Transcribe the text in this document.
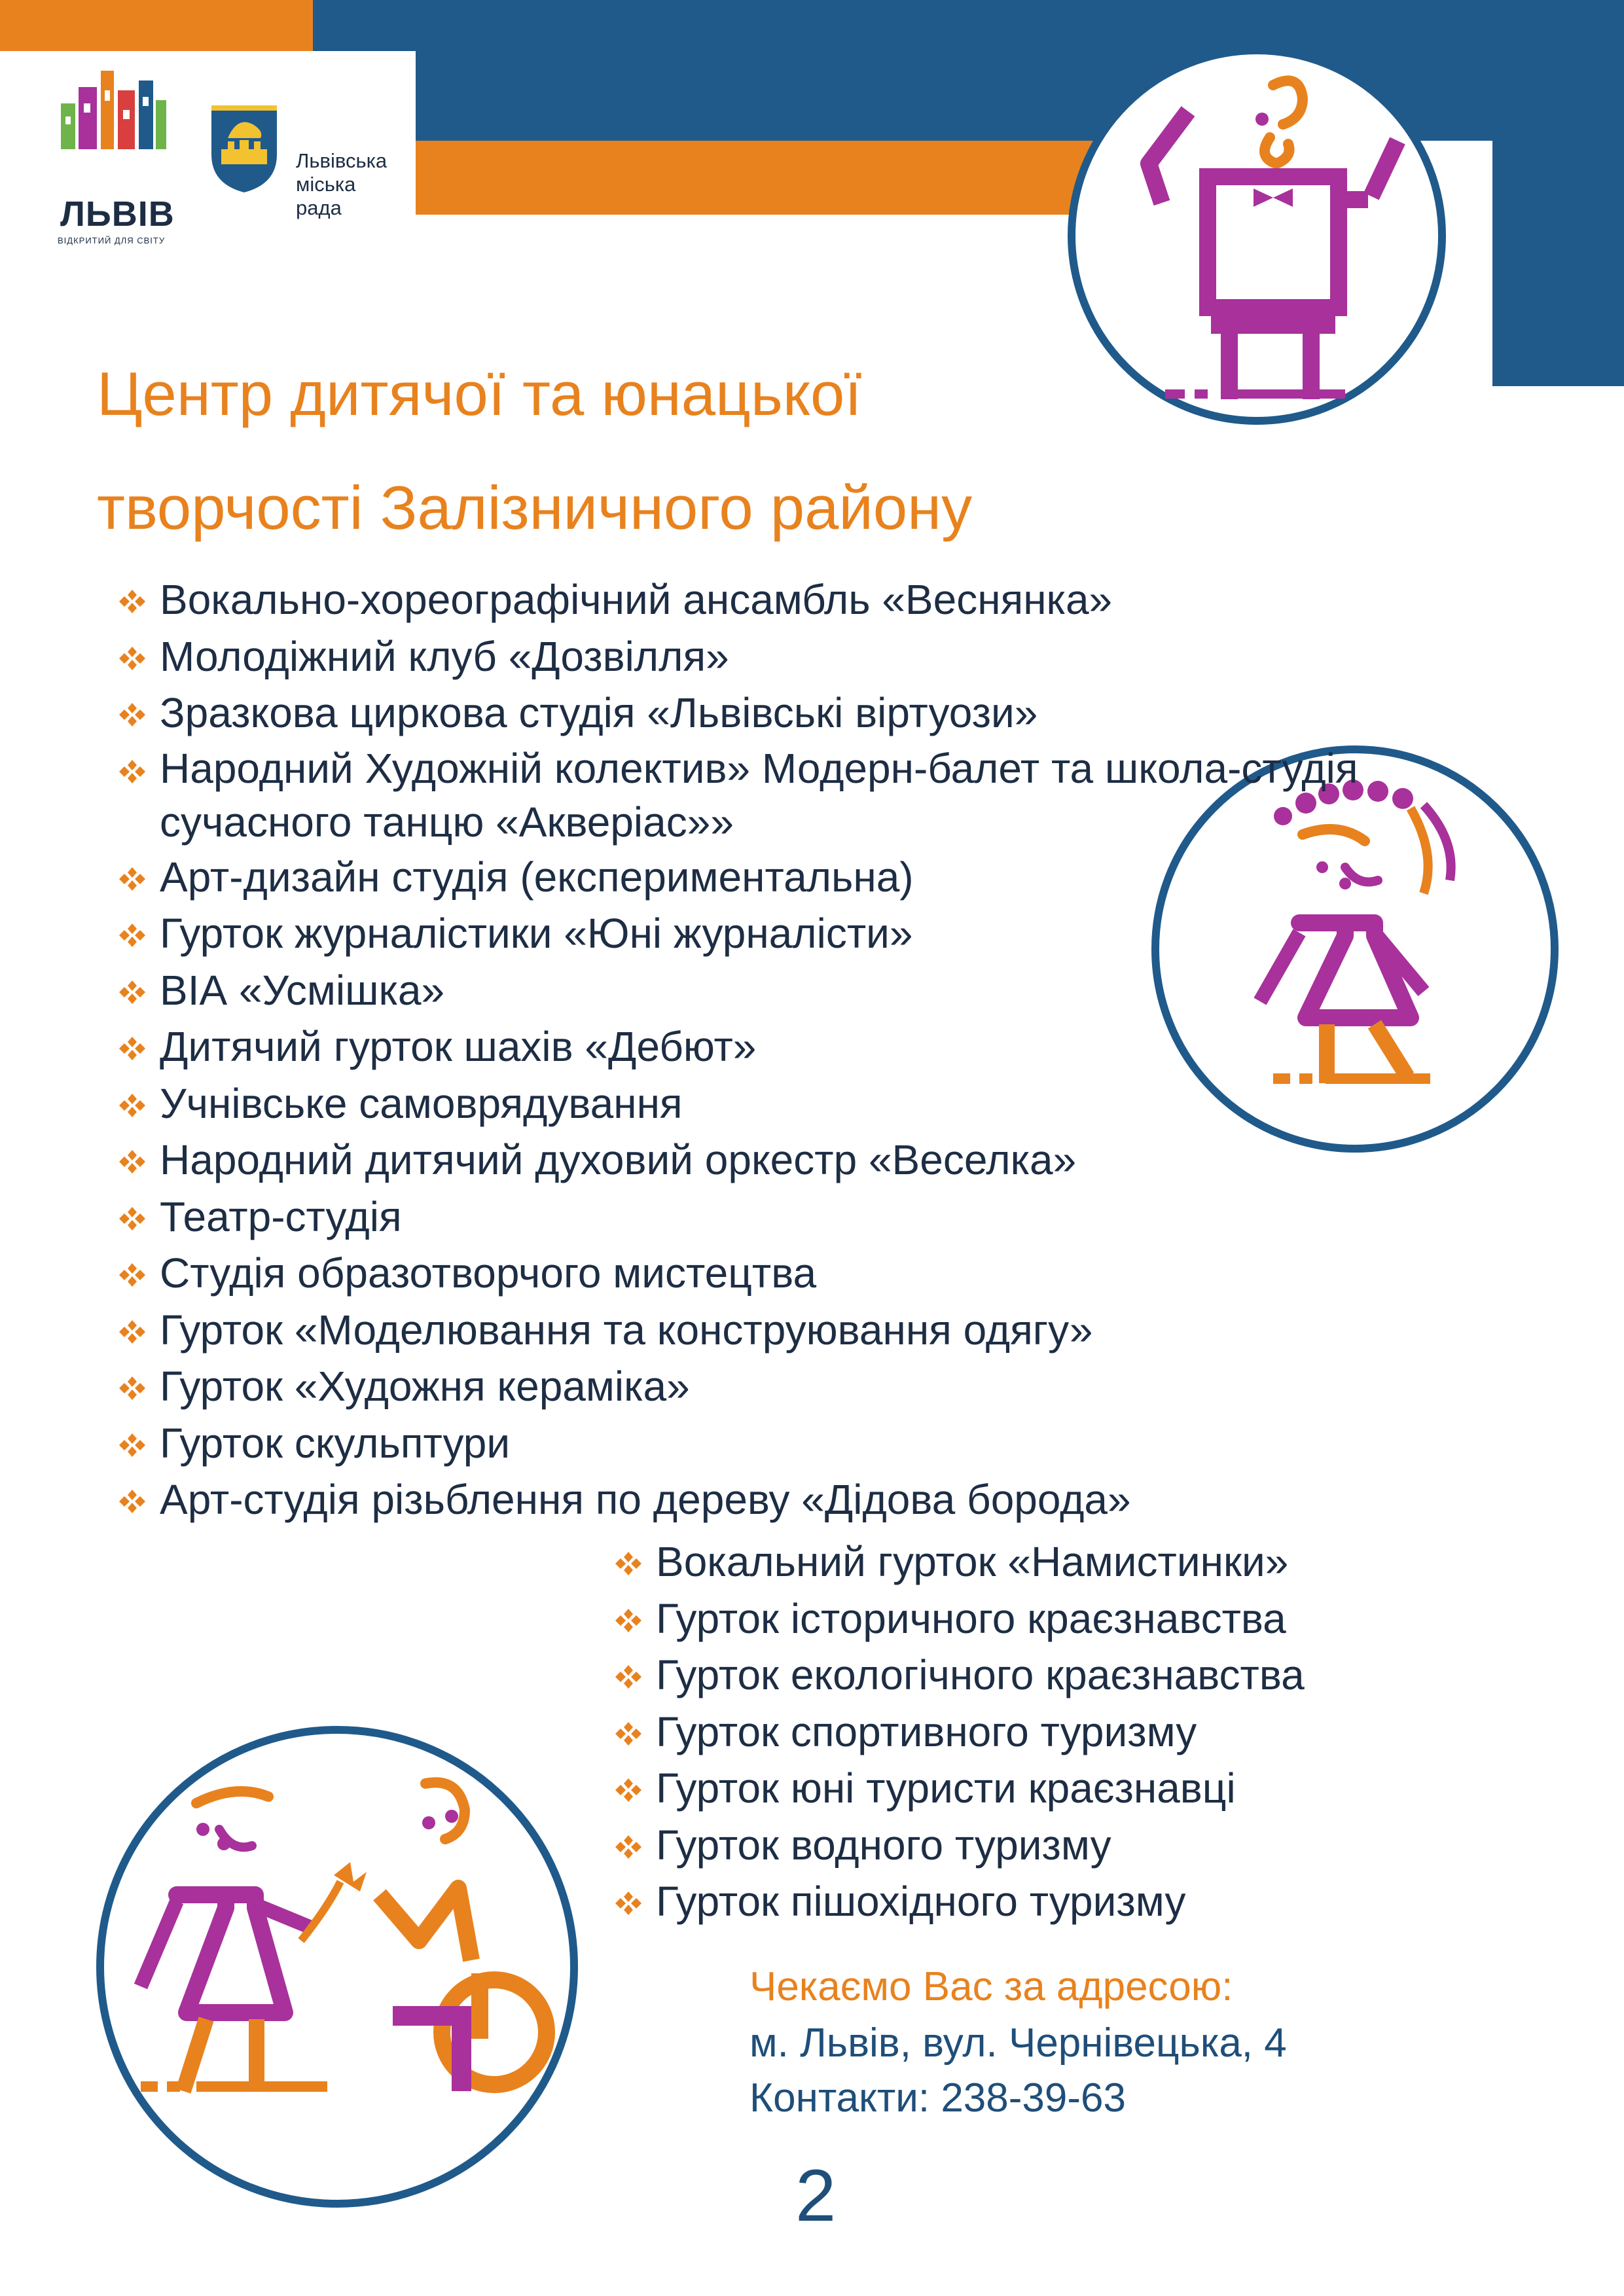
ЛЬВІВ
ВІДКРИТИЙ ДЛЯ СВІТУ
Львівська
міська
рада
Центр дитячої та юнацької
творчості Залізничного району
Вокально-хореографічний ансамбль «Веснянка»
Молодіжний клуб «Дозвілля»
Зразкова циркова студія «Львівські віртуози»
Народний Художній колектив» Модерн-балет та школа-студія сучасного танцю «Акверіас»»
Арт-дизайн студія (експериментальна)
Гурток журналістики «Юні журналісти»
ВІА «Усмішка»
Дитячий гурток шахів «Дебют»
Учнівське самоврядування
Народний дитячий духовий оркестр «Веселка»
Театр-студія
Студія образотворчого мистецтва
Гурток «Моделювання та конструювання одягу»
Гурток «Художня кераміка»
Гурток скульптури
Арт-студія різьблення по дереву «Дідова борода»
Вокальний гурток «Намистинки»
Гурток історичного краєзнавства
Гурток екологічного краєзнавства
Гурток спортивного туризму
Гурток юні туристи краєзнавці
Гурток водного туризму
Гурток пішохідного туризму
Чекаємо Вас за адресою:
м. Львів, вул. Чернівецька, 4
Контакти: 238-39-63
2
